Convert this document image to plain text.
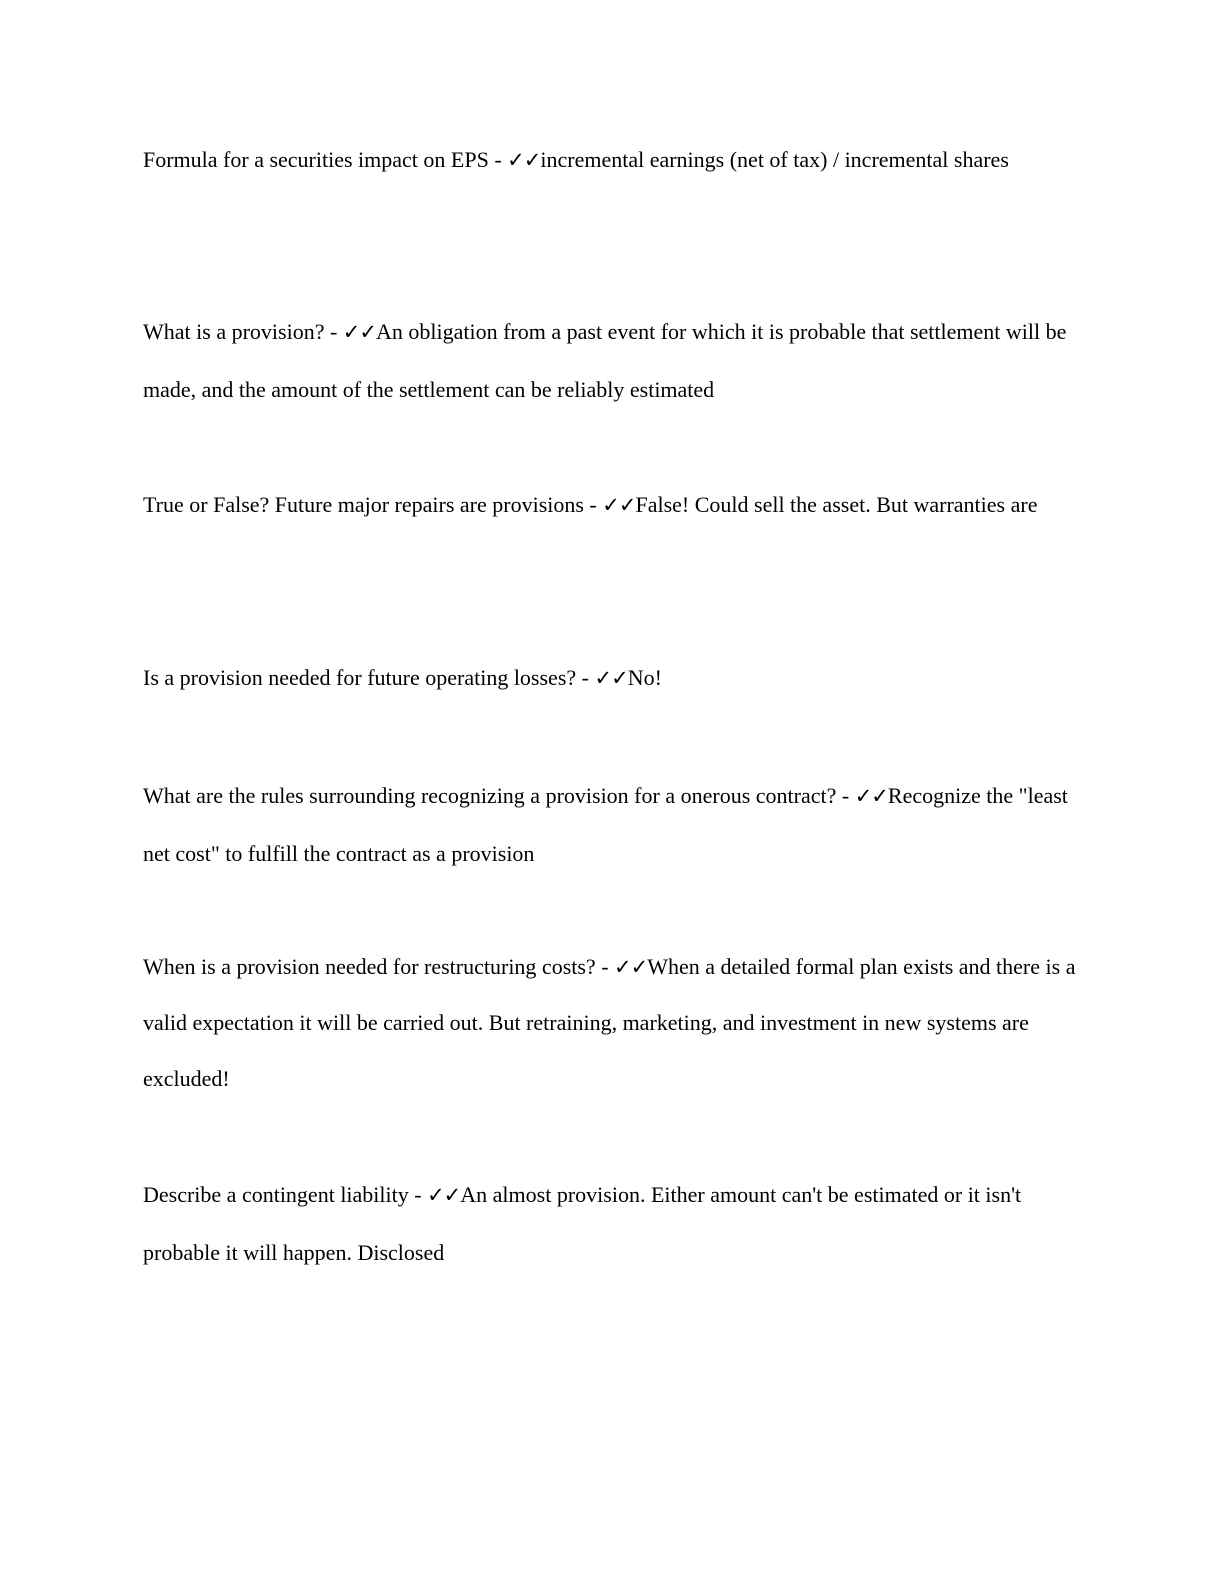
Formula for a securities impact on EPS - ✓✓incremental earnings (net of tax) / incremental shares

What is a provision? - ✓✓An obligation from a past event for which it is probable that settlement will be made, and the amount of the settlement can be reliably estimated

True or False? Future major repairs are provisions - ✓✓False! Could sell the asset. But warranties are

Is a provision needed for future operating losses? - ✓✓No!

What are the rules surrounding recognizing a provision for a onerous contract? - ✓✓Recognize the "least net cost" to fulfill the contract as a provision

When is a provision needed for restructuring costs? - ✓✓When a detailed formal plan exists and there is a valid expectation it will be carried out. But retraining, marketing, and investment in new systems are excluded!

Describe a contingent liability - ✓✓An almost provision. Either amount can't be estimated or it isn't probable it will happen. Disclosed
